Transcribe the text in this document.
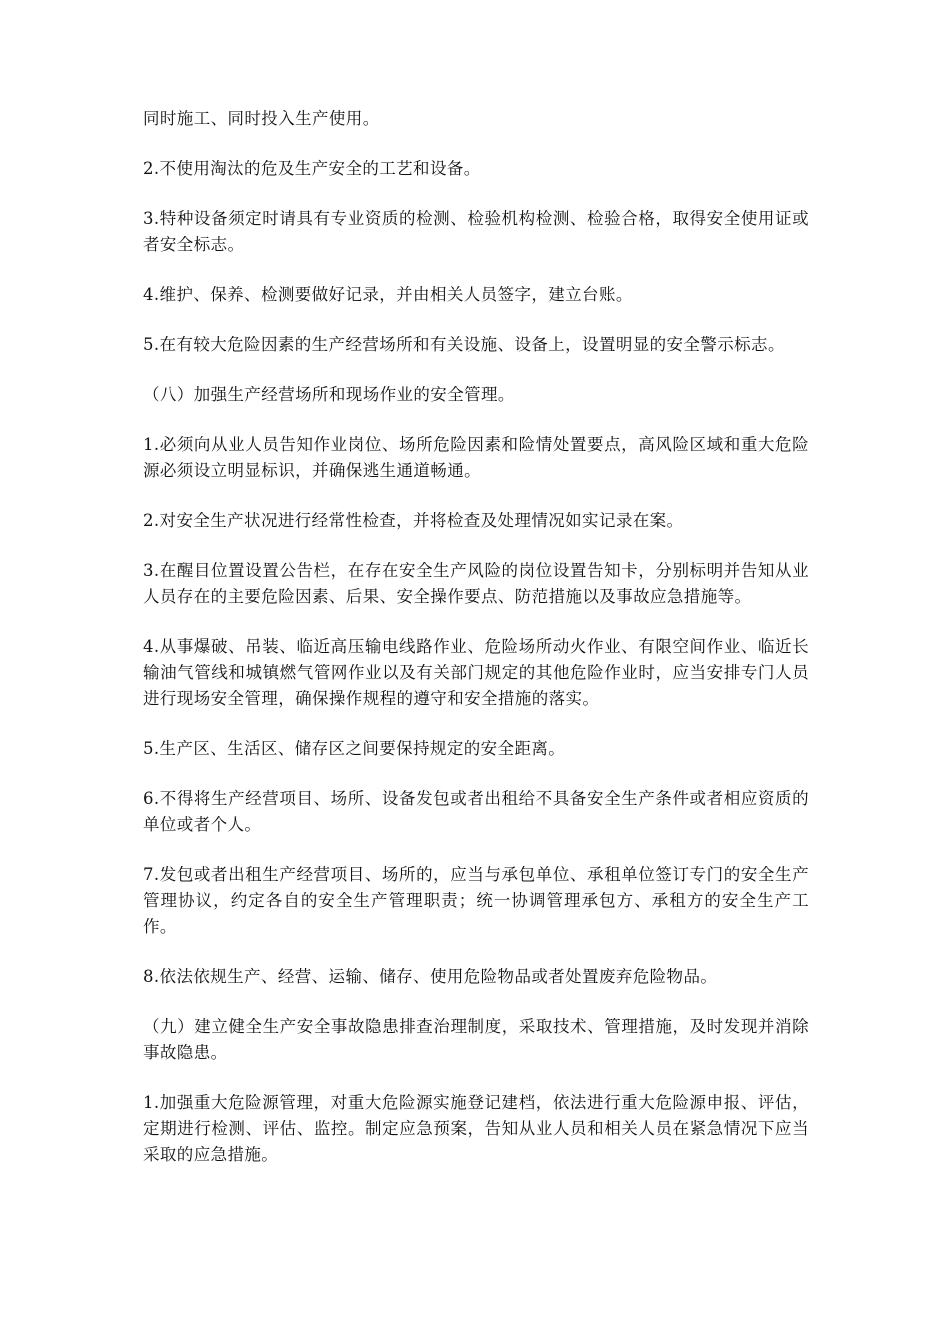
同时施工、同时投入生产使用。

2.不使用淘汰的危及生产安全的工艺和设备。

3.特种设备须定时请具有专业资质的检测、检验机构检测、检验合格，取得安全使用证或者安全标志。

4.维护、保养、检测要做好记录，并由相关人员签字，建立台账。

5.在有较大危险因素的生产经营场所和有关设施、设备上，设置明显的安全警示标志。

（八）加强生产经营场所和现场作业的安全管理。

1.必须向从业人员告知作业岗位、场所危险因素和险情处置要点，高风险区域和重大危险源必须设立明显标识，并确保逃生通道畅通。

2.对安全生产状况进行经常性检查，并将检查及处理情况如实记录在案。

3.在醒目位置设置公告栏，在存在安全生产风险的岗位设置告知卡，分别标明并告知从业人员存在的主要危险因素、后果、安全操作要点、防范措施以及事故应急措施等。

4.从事爆破、吊装、临近高压输电线路作业、危险场所动火作业、有限空间作业、临近长输油气管线和城镇燃气管网作业以及有关部门规定的其他危险作业时，应当安排专门人员进行现场安全管理，确保操作规程的遵守和安全措施的落实。

5.生产区、生活区、储存区之间要保持规定的安全距离。

6.不得将生产经营项目、场所、设备发包或者出租给不具备安全生产条件或者相应资质的单位或者个人。

7.发包或者出租生产经营项目、场所的，应当与承包单位、承租单位签订专门的安全生产管理协议，约定各自的安全生产管理职责；统一协调管理承包方、承租方的安全生产工作。

8.依法依规生产、经营、运输、储存、使用危险物品或者处置废弃危险物品。

（九）建立健全生产安全事故隐患排查治理制度，采取技术、管理措施，及时发现并消除事故隐患。

1.加强重大危险源管理，对重大危险源实施登记建档，依法进行重大危险源申报、评估，定期进行检测、评估、监控。制定应急预案，告知从业人员和相关人员在紧急情况下应当采取的应急措施。
